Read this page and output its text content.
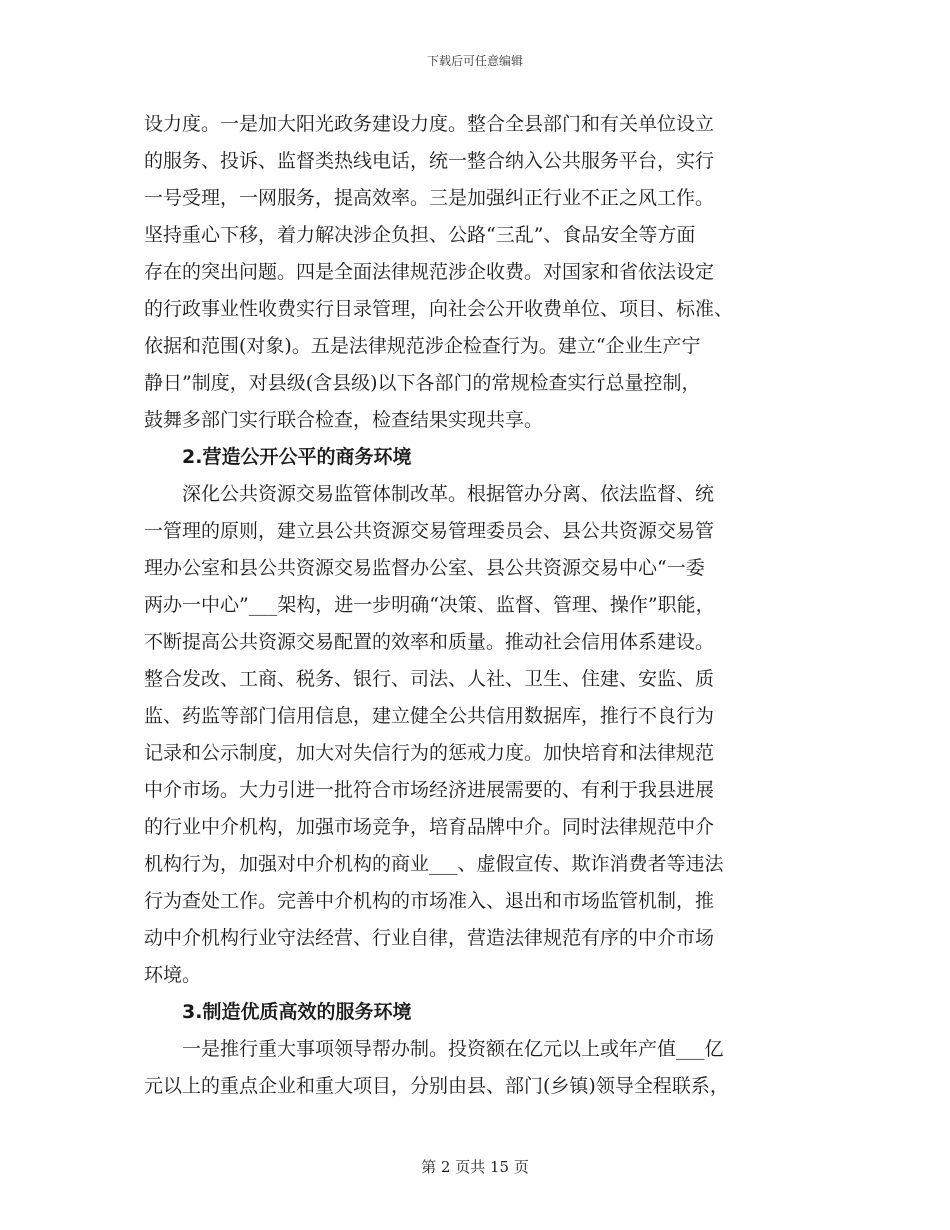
下载后可任意编辑
设力度。一是加大阳光政务建设力度。整合全县部门和有关单位设立
的服务、投诉、监督类热线电话，统一整合纳入公共服务平台，实行
一号受理，一网服务，提高效率。三是加强纠正行业不正之风工作。
坚持重心下移，着力解决涉企负担、公路“三乱”、食品安全等方面
存在的突出问题。四是全面法律规范涉企收费。对国家和省依法设定
的行政事业性收费实行目录管理，向社会公开收费单位、项目、标准、
依据和范围(对象)。五是法律规范涉企检查行为。建立“企业生产宁
静日”制度，对县级(含县级)以下各部门的常规检查实行总量控制，
鼓舞多部门实行联合检查，检查结果实现共享。
2.营造公开公平的商务环境
深化公共资源交易监管体制改革。根据管办分离、依法监督、统
一管理的原则，建立县公共资源交易管理委员会、县公共资源交易管
理办公室和县公共资源交易监督办公室、县公共资源交易中心“一委
两办一中心”___架构，进一步明确“决策、监督、管理、操作”职能，
不断提高公共资源交易配置的效率和质量。推动社会信用体系建设。
整合发改、工商、税务、银行、司法、人社、卫生、住建、安监、质
监、药监等部门信用信息，建立健全公共信用数据库，推行不良行为
记录和公示制度，加大对失信行为的惩戒力度。加快培育和法律规范
中介市场。大力引进一批符合市场经济进展需要的、有利于我县进展
的行业中介机构，加强市场竞争，培育品牌中介。同时法律规范中介
机构行为，加强对中介机构的商业___、虚假宣传、欺诈消费者等违法
行为查处工作。完善中介机构的市场准入、退出和市场监管机制，推
动中介机构行业守法经营、行业自律，营造法律规范有序的中介市场
环境。
3.制造优质高效的服务环境
一是推行重大事项领导帮办制。投资额在亿元以上或年产值___亿
元以上的重点企业和重大项目，分别由县、部门(乡镇)领导全程联系，
第 2 页共 15 页
